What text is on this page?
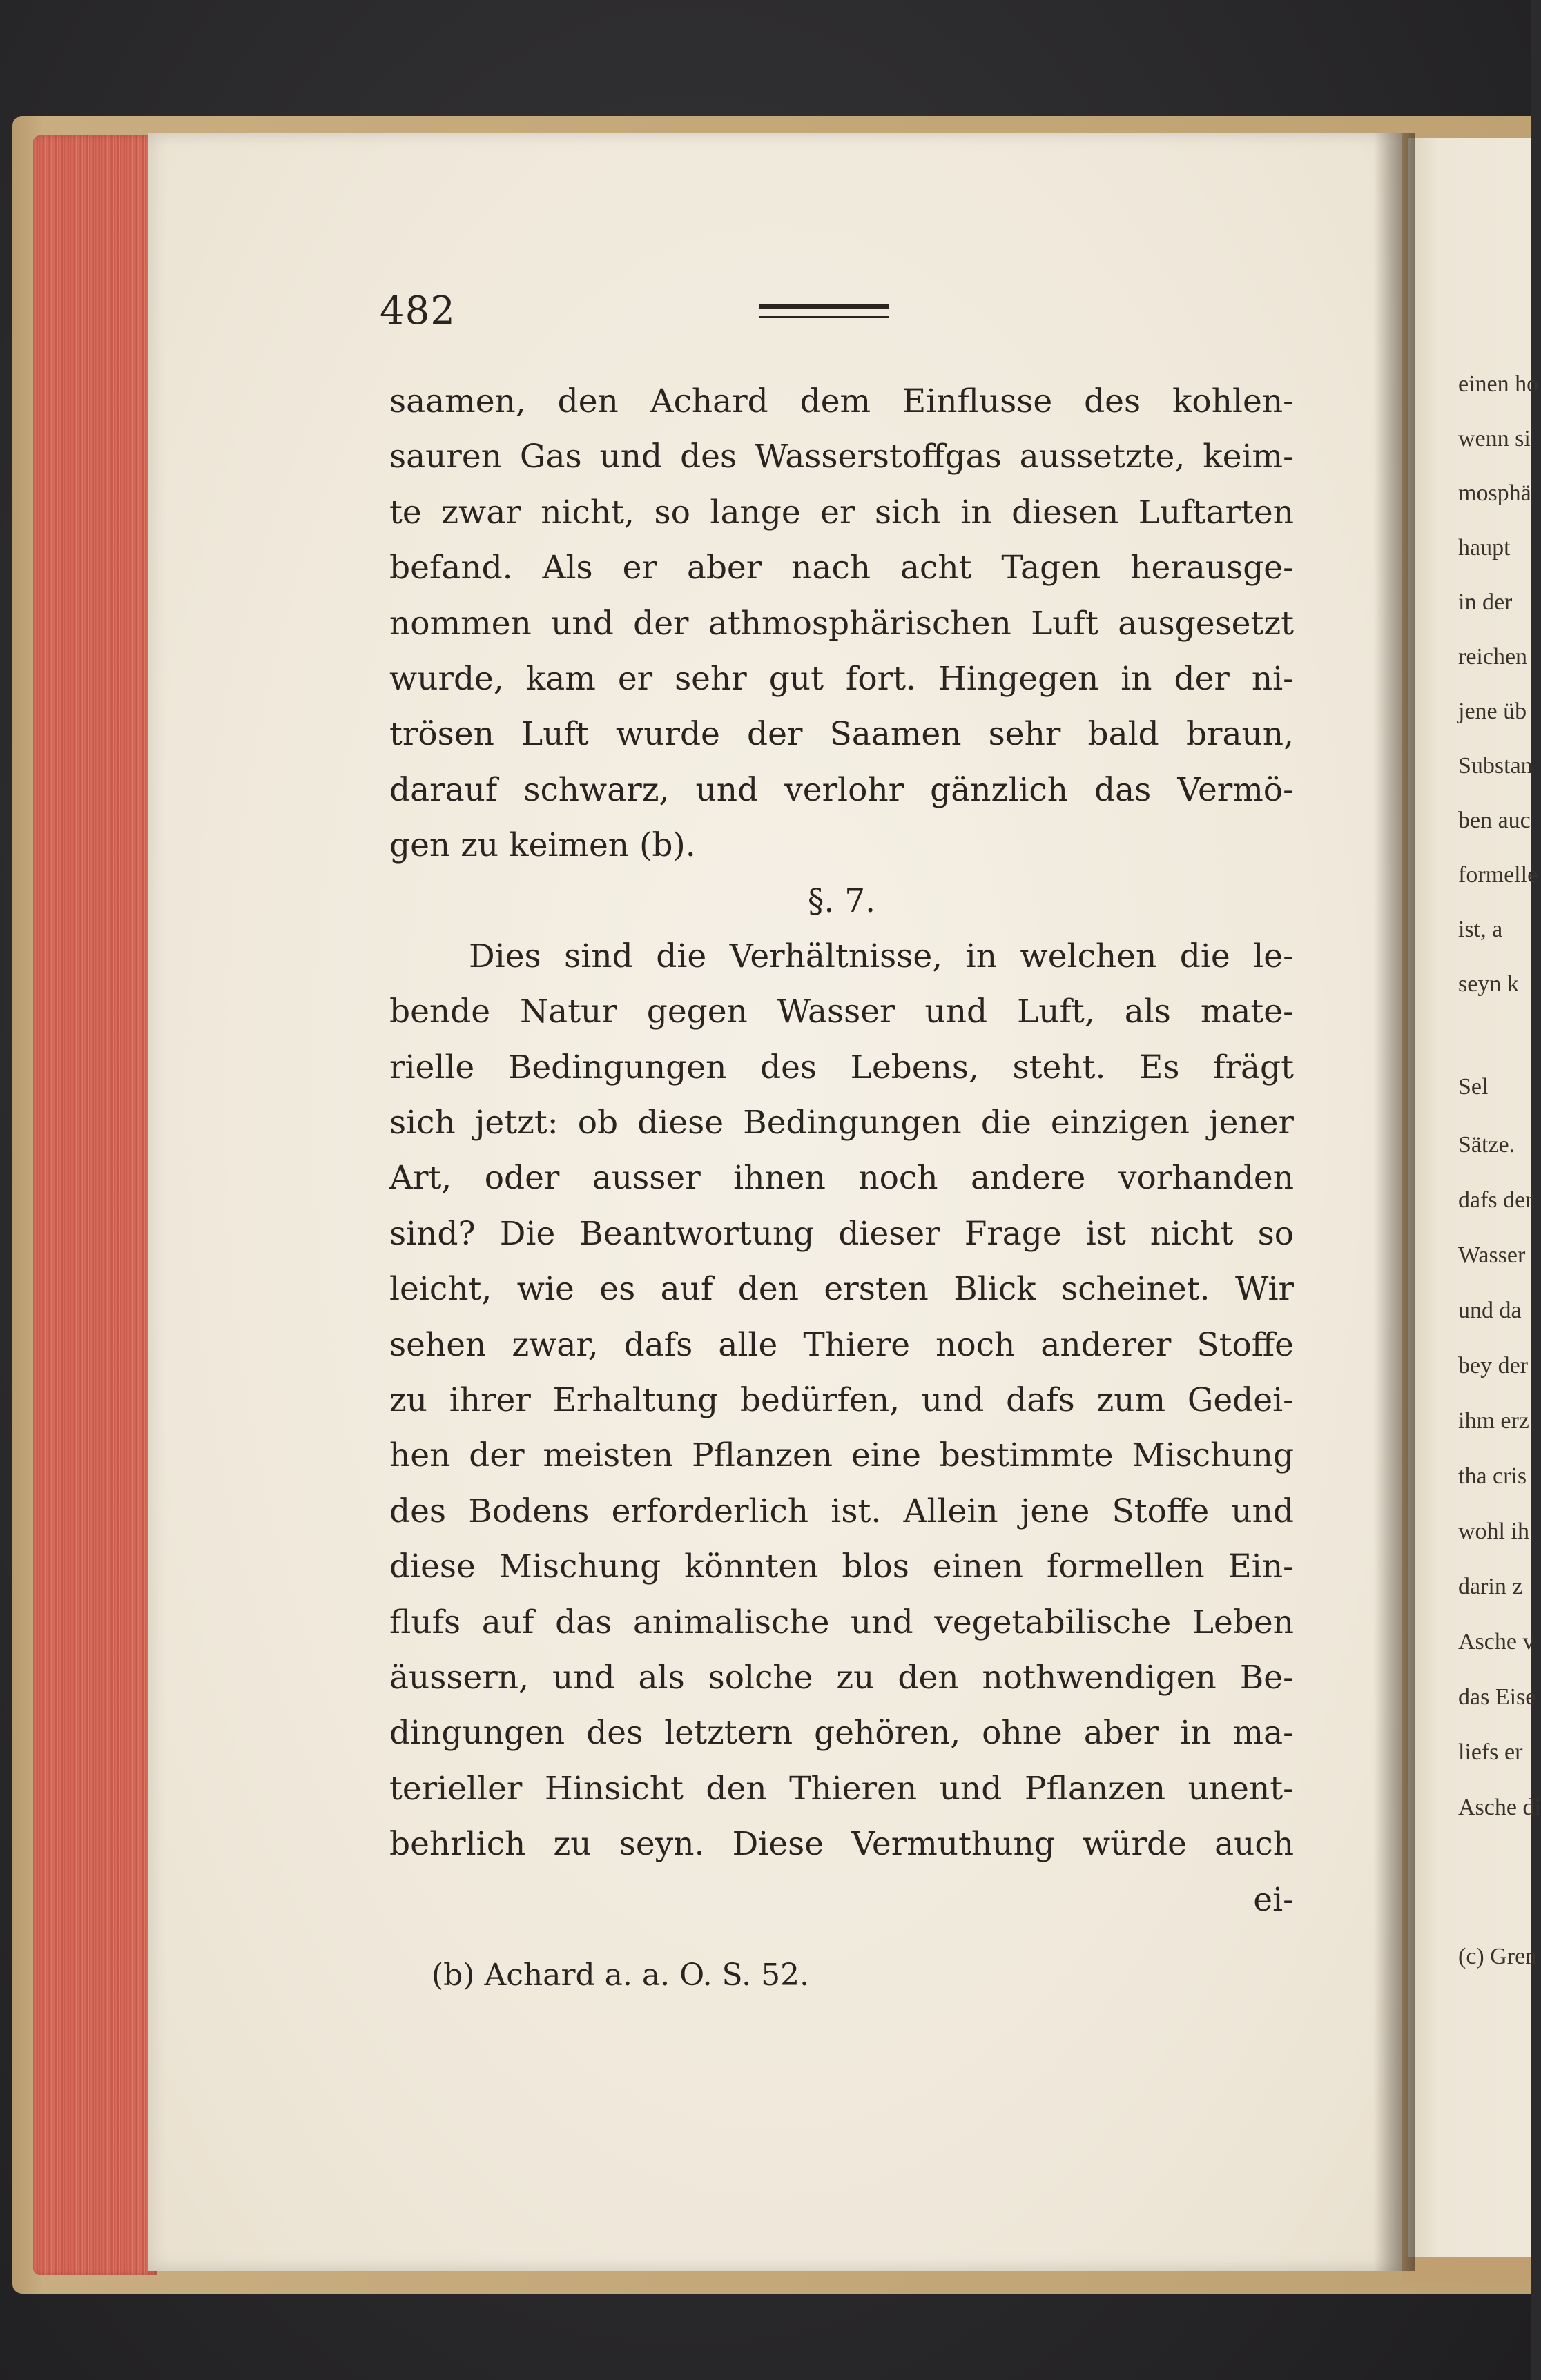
482
saamen, den Achard dem Einflusse des kohlen-
sauren Gas und des Wasserstoffgas aussetzte, keim-
te zwar nicht, so lange er sich in diesen Luftarten
befand. Als er aber nach acht Tagen herausge-
nommen und der athmosphärischen Luft ausgesetzt
wurde, kam er sehr gut fort. Hingegen in der ni-
trösen Luft wurde der Saamen sehr bald braun,
darauf schwarz, und verlohr gänzlich das Vermö-
gen zu keimen (b).
§. 7.
Dies sind die Verhältnisse, in welchen die le-
bende Natur gegen Wasser und Luft, als mate-
rielle Bedingungen des Lebens, steht. Es frägt
sich jetzt: ob diese Bedingungen die einzigen jener
Art, oder ausser ihnen noch andere vorhanden
sind? Die Beantwortung dieser Frage ist nicht so
leicht, wie es auf den ersten Blick scheinet. Wir
sehen zwar, dafs alle Thiere noch anderer Stoffe
zu ihrer Erhaltung bedürfen, und dafs zum Gedei-
hen der meisten Pflanzen eine bestimmte Mischung
des Bodens erforderlich ist. Allein jene Stoffe und
diese Mischung könnten blos einen formellen Ein-
flufs auf das animalische und vegetabilische Leben
äussern, und als solche zu den nothwendigen Be-
dingungen des letztern gehören, ohne aber in ma-
terieller Hinsicht den Thieren und Pflanzen unent-
behrlich zu seyn. Diese Vermuthung würde auch
ei-
(b) Achard a. a. O. S. 52.
einen ho
wenn si
mosphä
haupt
in der
reichen
jene üb
Substan
ben auc
formelle
ist, a
seyn k
Sel
Sätze.
dafs der
Wasser
und da
bey der
ihm erz
tha cris
wohl ih
darin z
Asche v
das Eise
liefs er
Asche di
(c) Gren
